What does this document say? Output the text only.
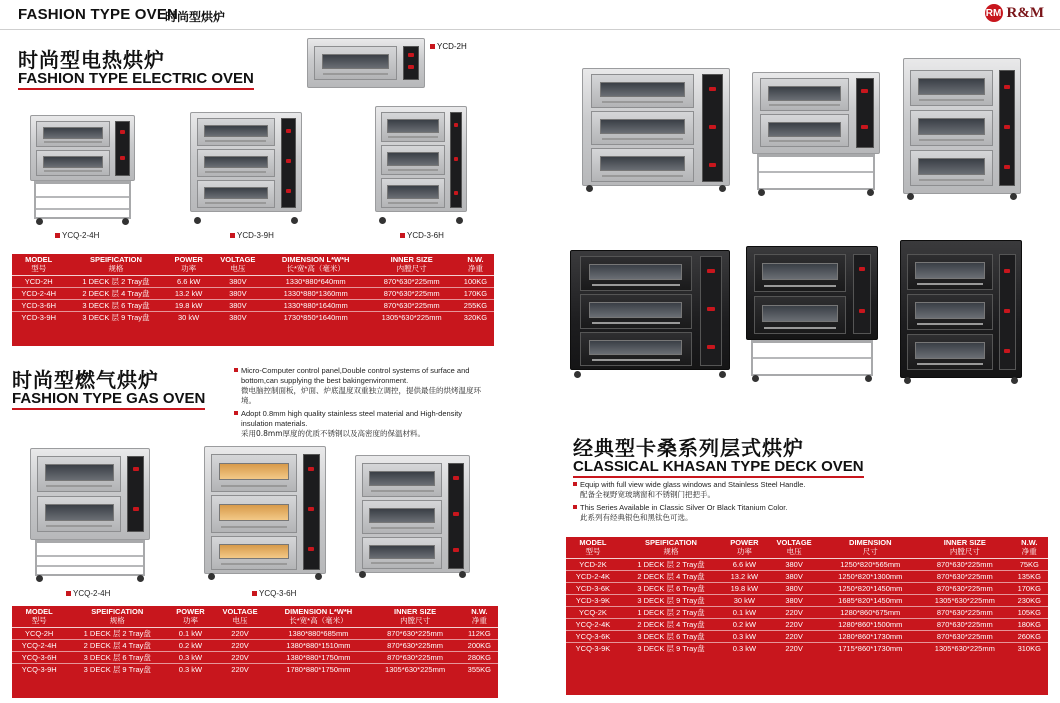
FASHION TYPE OVEN
时尚型烘炉	RM R&M
时尚型电热烘炉
FASHION TYPE ELECTRIC OVEN
YCD-2H
YCQ-2-4H	YCD-3-9H	YCD-3-6H
MODEL	SPEIFICATION	POWER	VOLTAGE	DIMENSION L*W*H	INNER SIZE	N.W.
型号	规格	功率	电压	长*宽*高（毫米）	内膛尺寸	净重
YCD-2H	1 DECK 层 2 Tray盘	6.6 kW	380V	1330*880*640mm	870*630*225mm	100KG
YCD-2-4H	2 DECK 层 4 Tray盘	13.2 kW	380V	1330*880*1360mm	870*630*225mm	170KG
YCD-3-6H	3 DECK 层 6 Tray盘	19.8 kW	380V	1330*880*1640mm	870*630*225mm	255KG
YCD-3-9H	3 DECK 层 9 Tray盘	30 kW	380V	1730*850*1640mm	1305*630*225mm	320KG
时尚型燃气烘炉
FASHION TYPE GAS OVEN
Micro-Computer control panel,Double control systems of surface and bottom,can supplying the best bakingenvironment.
微电脑控制面板，炉面、炉底温度双重独立调控，提供最佳的烘烤温度环境。
Adopt 0.8mm high quality stainless steel material and High-density insulation materials.
采用0.8mm厚度的优质不锈钢以及高密度的保温材料。
YCQ-2-4H	YCQ-3-6H
MODEL	SPEIFICATION	POWER	VOLTAGE	DIMENSION L*W*H	INNER SIZE	N.W.
型号	规格	功率	电压	长*宽*高（毫米）	内膛尺寸	净重
YCQ-2H	1 DECK 层 2 Tray盘	0.1 kW	220V	1380*880*685mm	870*630*225mm	112KG
YCQ-2-4H	2 DECK 层 4 Tray盘	0.2 kW	220V	1380*880*1510mm	870*630*225mm	200KG
YCQ-3-6H	3 DECK 层 6 Tray盘	0.3 kW	220V	1380*880*1750mm	870*630*225mm	280KG
YCQ-3-9H	3 DECK 层 9 Tray盘	0.3 kW	220V	1780*880*1750mm	1305*630*225mm	355KG
经典型卡桑系列层式烘炉
CLASSICAL KHASAN TYPE DECK OVEN
Equip with full view wide glass windows and Stainless Steel Handle.
配备全视野宽玻璃窗和不锈钢门把把手。
This Series Available in Classic Silver Or Black Titanium Color.
此系列有经典银色和黑钛色可选。
MODEL	SPEIFICATION	POWER	VOLTAGE	DIMENSION	INNER SIZE	N.W.
型号	规格	功率	电压	尺寸	内膛尺寸	净重
YCD-2K	1 DECK 层 2 Tray盘	6.6 kW	380V	1250*820*565mm	870*630*225mm	75KG
YCD-2-4K	2 DECK 层 4 Tray盘	13.2 kW	380V	1250*820*1300mm	870*630*225mm	135KG
YCD-3-6K	3 DECK 层 6 Tray盘	19.8 kW	380V	1250*820*1450mm	870*630*225mm	170KG
YCD-3-9K	3 DECK 层 9 Tray盘	30 kW	380V	1685*820*1450mm	1305*630*225mm	230KG
YCQ-2K	1 DECK 层 2 Tray盘	0.1 kW	220V	1280*860*675mm	870*630*225mm	105KG
YCQ-2-4K	2 DECK 层 4 Tray盘	0.2 kW	220V	1280*860*1500mm	870*630*225mm	180KG
YCQ-3-6K	3 DECK 层 6 Tray盘	0.3 kW	220V	1280*860*1730mm	870*630*225mm	260KG
YCQ-3-9K	3 DECK 层 9 Tray盘	0.3 kW	220V	1715*860*1730mm	1305*630*225mm	310KG
